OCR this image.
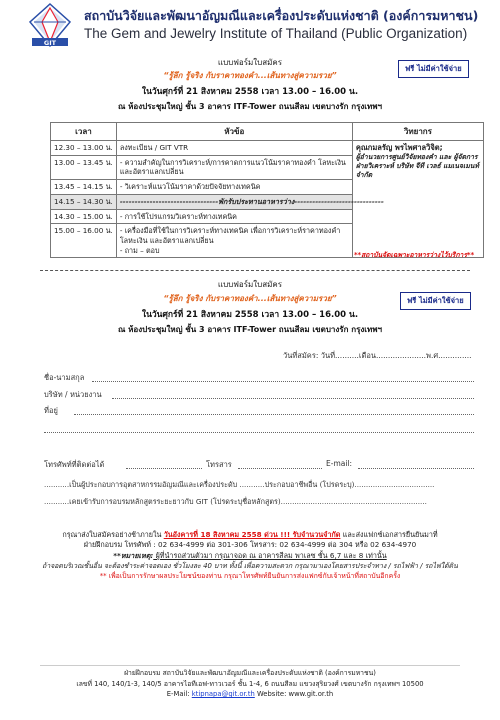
GIT
สถาบันวิจัยและพัฒนาอัญมณีและเครื่องประดับแห่งชาติ (องค์การมหาชน)
The Gem and Jewelry Institute of Thailand (Public Organization)
แบบฟอร์มใบสมัคร
ฟรี ไม่มีค่าใช้จ่าย
“รู้ลึก รู้จริง กับราคาทองคำ...เส้นทางสู่ความรวย”
ในวันศุกร์ที่ 21 สิงหาคม 2558 เวลา 13.00 – 16.00 น.
ณ ห้องประชุมใหญ่ ชั้น 3 อาคาร ITF-Tower ถนนสีลม เขตบางรัก กรุงเทพฯ
เวลา	หัวข้อ	วิทยากร
12.30 – 13.00 น.	ลงทะเบียน / GIT VTR	คุณกมลรัญ พรไพศาลวิจิต;
ผู้อำนวยการศูนย์วิจัยทองคำ และ ผู้จัดการฝ่ายวิเคราะห์ บริษัท จีที เวลธ์ แมเนจเมนท์ จำกัด

13.00 – 13.45 น.	- ความสำคัญในการวิเคราะห์/การคาดการแนวโน้มราคาทองคำ โลหะเงิน และอัตราแลกเปลี่ยน	
13.45 – 14.15 น.	- วิเคราะห์แนวโน้มราคาด้วยปัจจัยทางเทคนิค	
14.15 – 14.30 น.	---------------------------------พักรับประทานอาหารว่าง------------------------------	
14.30 – 15.00 น.	- การใช้โปรแกรมวิเคราะห์ทางเทคนิค	
15.00 – 16.00 น.	- เครื่องมือที่ใช้ในการวิเคราะห์ทางเทคนิค เพื่อการวิเคราะห์ราคาทองคำ โลหะเงิน และอัตราแลกเปลี่ยน
- ถาม – ตอบ	
**สถาบันจัดเฉพาะอาหารว่างไว้บริการ**
แบบฟอร์มใบสมัคร
ฟรี ไม่มีค่าใช้จ่าย
“รู้ลึก รู้จริง กับราคาทองคำ...เส้นทางสู่ความรวย”
ในวันศุกร์ที่ 21 สิงหาคม 2558 เวลา 13.00 – 16.00 น.
ณ ห้องประชุมใหญ่ ชั้น 3 อาคาร ITF-Tower ถนนสีลม เขตบางรัก กรุงเทพฯ
วันที่สมัคร: วันที่..........เดือน.....................พ.ศ..............
ชื่อ-นามสกุล
บริษัท / หน่วยงาน
ที่อยู่
โทรศัพท์ที่ติดต่อได้	โทรสาร	E-mail:
...........เป็นผู้ประกอบการอุตสาหกรรมอัญมณีและเครื่องประดับ ...........ประกอบอาชีพอื่น (โปรดระบุ)...................................
...........เคยเข้ารับการอบรมหลักสูตรระยะยาวกับ GIT (โปรดระบุชื่อหลักสูตร)................................................................
กรุณาส่งใบสมัครอย่างช้าภายใน วันอังคารที่ 18 สิงหาคม 2558 ด่วน !!! รับจำนวนจำกัด และส่งแฟกซ์เอกสารยืนยันมาที่
ฝ่ายฝึกอบรม โทรศัพท์ : 02 634-4999 ต่อ 301-306 โทรสาร: 02 634-4999 ต่อ 304 หรือ 02 634-4970
**หมายเหตุ: ผู้ที่นำรถส่วนตัวมา กรุณาจอด ณ อาคารสีลม พาเลซ ชั้น 6,7 และ 8 เท่านั้น
ถ้าจอดบริเวณชั้นอื่น จะต้องชำระค่าจอดเอง ชั่วโมงละ 40 บาท ทั้งนี้ เพื่อความสะดวก กรุณามาเองโดยสารประจำทาง / รถไฟฟ้า / รถไฟใต้ดิน
** เพื่อเป็นการรักษาผลประโยชน์ของท่าน กรุณาโทรศัพท์ยืนยันการส่งแฟกซ์กับเจ้าหน้าที่สถาบันอีกครั้ง
ฝ่ายฝึกอบรม สถาบันวิจัยและพัฒนาอัญมณีและเครื่องประดับแห่งชาติ (องค์การมหาชน)
เลขที่ 140, 140/1-3, 140/5 อาคารไอทีเอฟ-ทาวเวอร์ ชั้น 1-4, 6 ถนนสีลม แขวงสุริยวงศ์ เขตบางรัก กรุงเทพฯ 10500
E-Mail: ktipnapa@git.or.th Website: www.git.or.th
